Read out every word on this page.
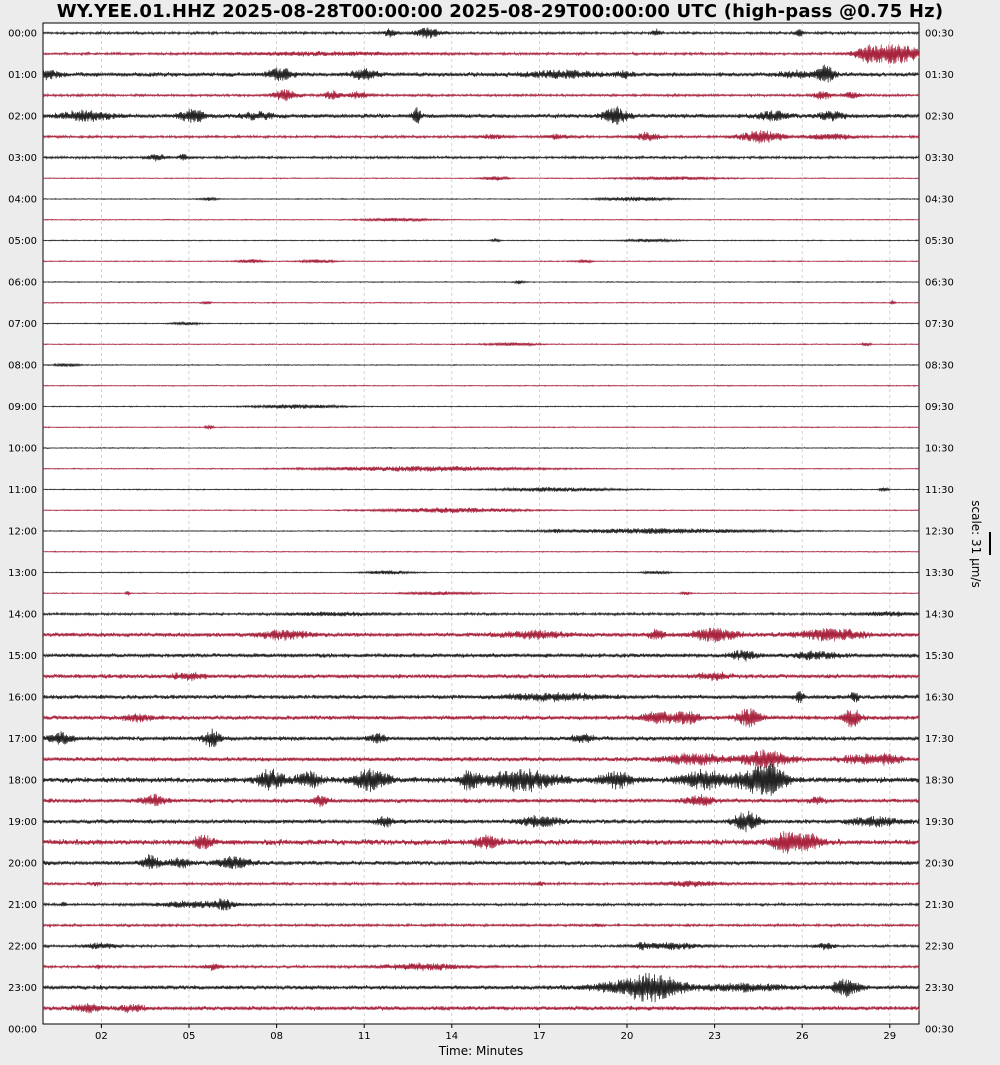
WY.YEE.01.HHZ 2025-08-28T00:00:00 2025-08-29T00:00:00 UTC (high-pass @0.75 Hz)
02	05	08	11	14	17	20	23	26	29
00:00	00:30
01:00	01:30
02:00	02:30
03:00	03:30
04:00	04:30
05:00	05:30
06:00	06:30
07:00	07:30
08:00	08:30
09:00	09:30
10:00	10:30
11:00	11:30
12:00	12:30
13:00	13:30
14:00	14:30
15:00	15:30
16:00	16:30
17:00	17:30
18:00	18:30
19:00	19:30
20:00	20:30
21:00	21:30
22:00	22:30
23:00	23:30
00:00	00:30
Time: Minutes
scale: 31 μm/s
